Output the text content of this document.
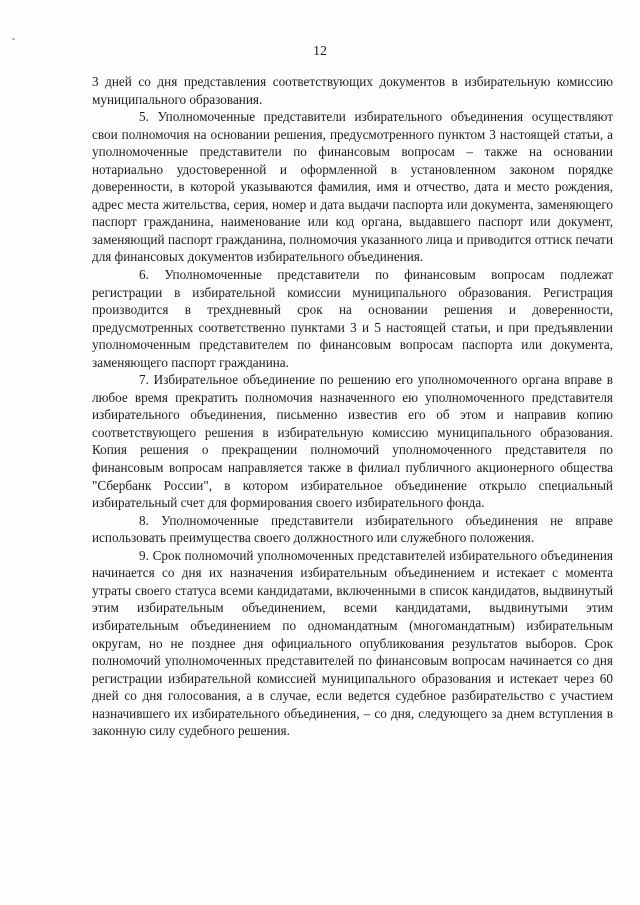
12

3 дней со дня представления соответствующих документов в избирательную комиссию муниципального образования.

5. Уполномоченные представители избирательного объединения осуществляют свои полномочия на основании решения, предусмотренного пунктом 3 настоящей статьи, а уполномоченные представители по финансовым вопросам – также на основании нотариально удостоверенной и оформленной в установленном законом порядке доверенности, в которой указываются фамилия, имя и отчество, дата и место рождения, адрес места жительства, серия, номер и дата выдачи паспорта или документа, заменяющего паспорт гражданина, наименование или код органа, выдавшего паспорт или документ, заменяющий паспорт гражданина, полномочия указанного лица и приводится оттиск печати для финансовых документов избирательного объединения.

6. Уполномоченные представители по финансовым вопросам подлежат регистрации в избирательной комиссии муниципального образования. Регистрация производится в трехдневный срок на основании решения и доверенности, предусмотренных соответственно пунктами 3 и 5 настоящей статьи, и при предъявлении уполномоченным представителем по финансовым вопросам паспорта или документа, заменяющего паспорт гражданина.

7. Избирательное объединение по решению его уполномоченного органа вправе в любое время прекратить полномочия назначенного ею уполномоченного представителя избирательного объединения, письменно известив его об этом и направив копию соответствующего решения в избирательную комиссию муниципального образования. Копия решения о прекращении полномочий уполномоченного представителя по финансовым вопросам направляется также в филиал публичного акционерного общества "Сбербанк России", в котором избирательное объединение открыло специальный избирательный счет для формирования своего избирательного фонда.

8. Уполномоченные представители избирательного объединения не вправе использовать преимущества своего должностного или служебного положения.

9. Срок полномочий уполномоченных представителей избирательного объединения начинается со дня их назначения избирательным объединением и истекает с момента утраты своего статуса всеми кандидатами, включенными в список кандидатов, выдвинутый этим избирательным объединением, всеми кандидатами, выдвинутыми этим избирательным объединением по одномандатным (многомандатным) избирательным округам, но не позднее дня официального опубликования результатов выборов. Срок полномочий уполномоченных представителей по финансовым вопросам начинается со дня регистрации избирательной комиссией муниципального образования и истекает через 60 дней со дня голосования, а в случае, если ведется судебное разбирательство с участием назначившего их избирательного объединения, – со дня, следующего за днем вступления в законную силу судебного решения.
